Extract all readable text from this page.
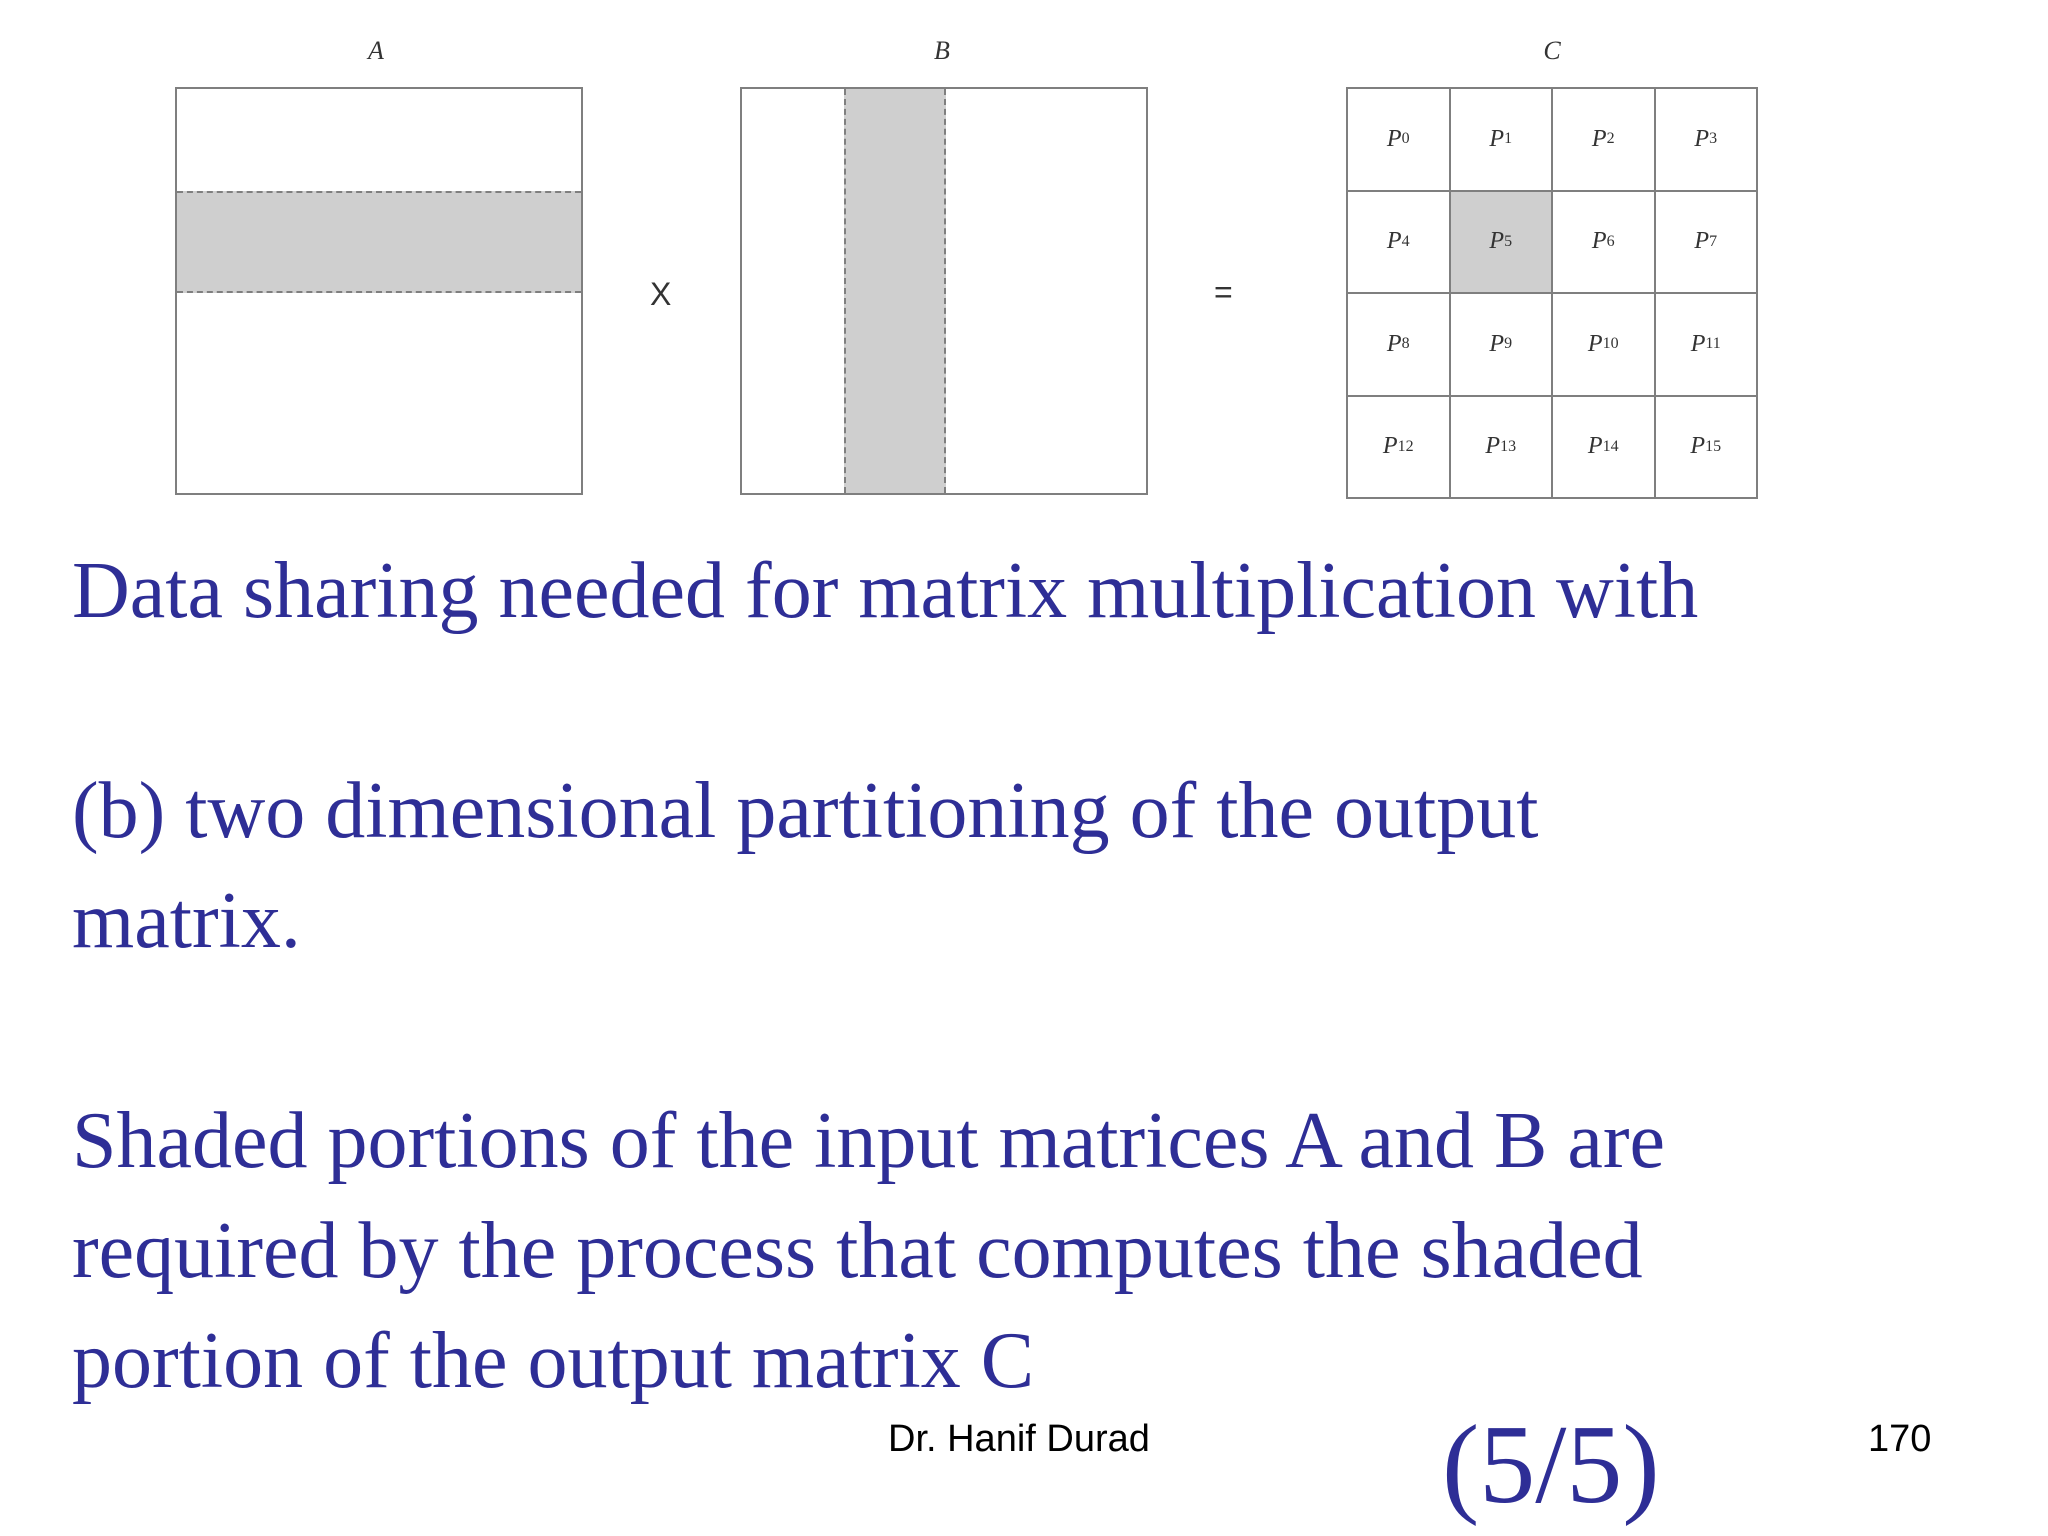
A	B	C
X	=
P 0	P 1	P 2	P 3
P 4	P 5	P 6	P 7
P 8	P 9	P 10	P 11
P 12	P 13	P 14	P 15
Data sharing needed for matrix multiplication with
(b) two dimensional partitioning of the output
matrix.
Shaded portions of the input matrices A and B are
required by the process that computes the shaded
portion of the output matrix C
Dr. Hanif Durad	(5/5)	170
